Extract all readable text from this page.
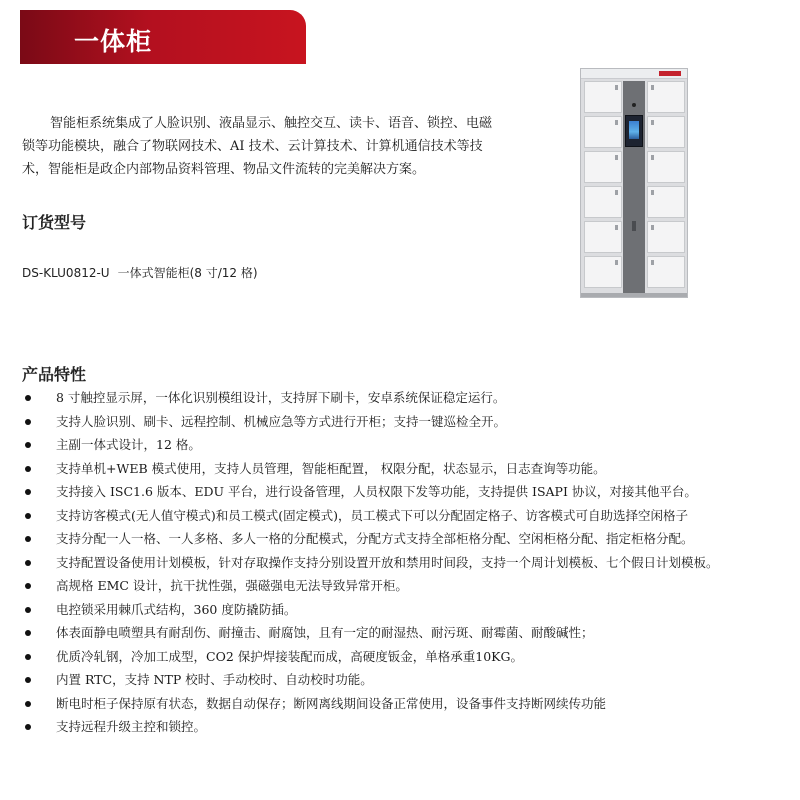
一体柜

智能柜系统集成了人脸识别、液晶显示、触控交互、读卡、语音、锁控、电磁锁等功能模块，融合了物联网技术、AI 技术、云计算技术、计算机通信技术等技术，智能柜是政企内部物品资料管理、物品文件流转的完美解决方案。

订货型号
DS-KLU0812-U 一体式智能柜(8 寸/12 格)
产品特性
8 寸触控显示屏，一体化识别模组设计，支持屏下刷卡，安卓系统保证稳定运行。
支持人脸识别、刷卡、远程控制、机械应急等方式进行开柜；支持一键巡检全开。
主副一体式设计，12 格。
支持单机+WEB 模式使用，支持人员管理，智能柜配置， 权限分配，状态显示，日志查询等功能。
支持接入 ISC1.6 版本、EDU 平台，进行设备管理，人员权限下发等功能，支持提供 ISAPI 协议，对接其他平台。
支持访客模式(无人值守模式)和员工模式(固定模式)，员工模式下可以分配固定格子、访客模式可自助选择空闲格子
支持分配一人一格、一人多格、多人一格的分配模式，分配方式支持全部柜格分配、空闲柜格分配、指定柜格分配。
支持配置设备使用计划模板，针对存取操作支持分别设置开放和禁用时间段，支持一个周计划模板、七个假日计划模板。
高规格 EMC 设计，抗干扰性强，强磁强电无法导致异常开柜。
电控锁采用棘爪式结构，360 度防撬防插。
体表面静电喷塑具有耐刮伤、耐撞击、耐腐蚀，且有一定的耐湿热、耐污斑、耐霉菌、耐酸碱性；
优质冷轧钢，冷加工成型，CO2 保护焊接装配而成，高硬度钣金，单格承重10KG。
内置 RTC，支持 NTP 校时、手动校时、自动校时功能。
断电时柜子保持原有状态，数据自动保存；断网离线期间设备正常使用，设备事件支持断网续传功能
支持远程升级主控和锁控。
